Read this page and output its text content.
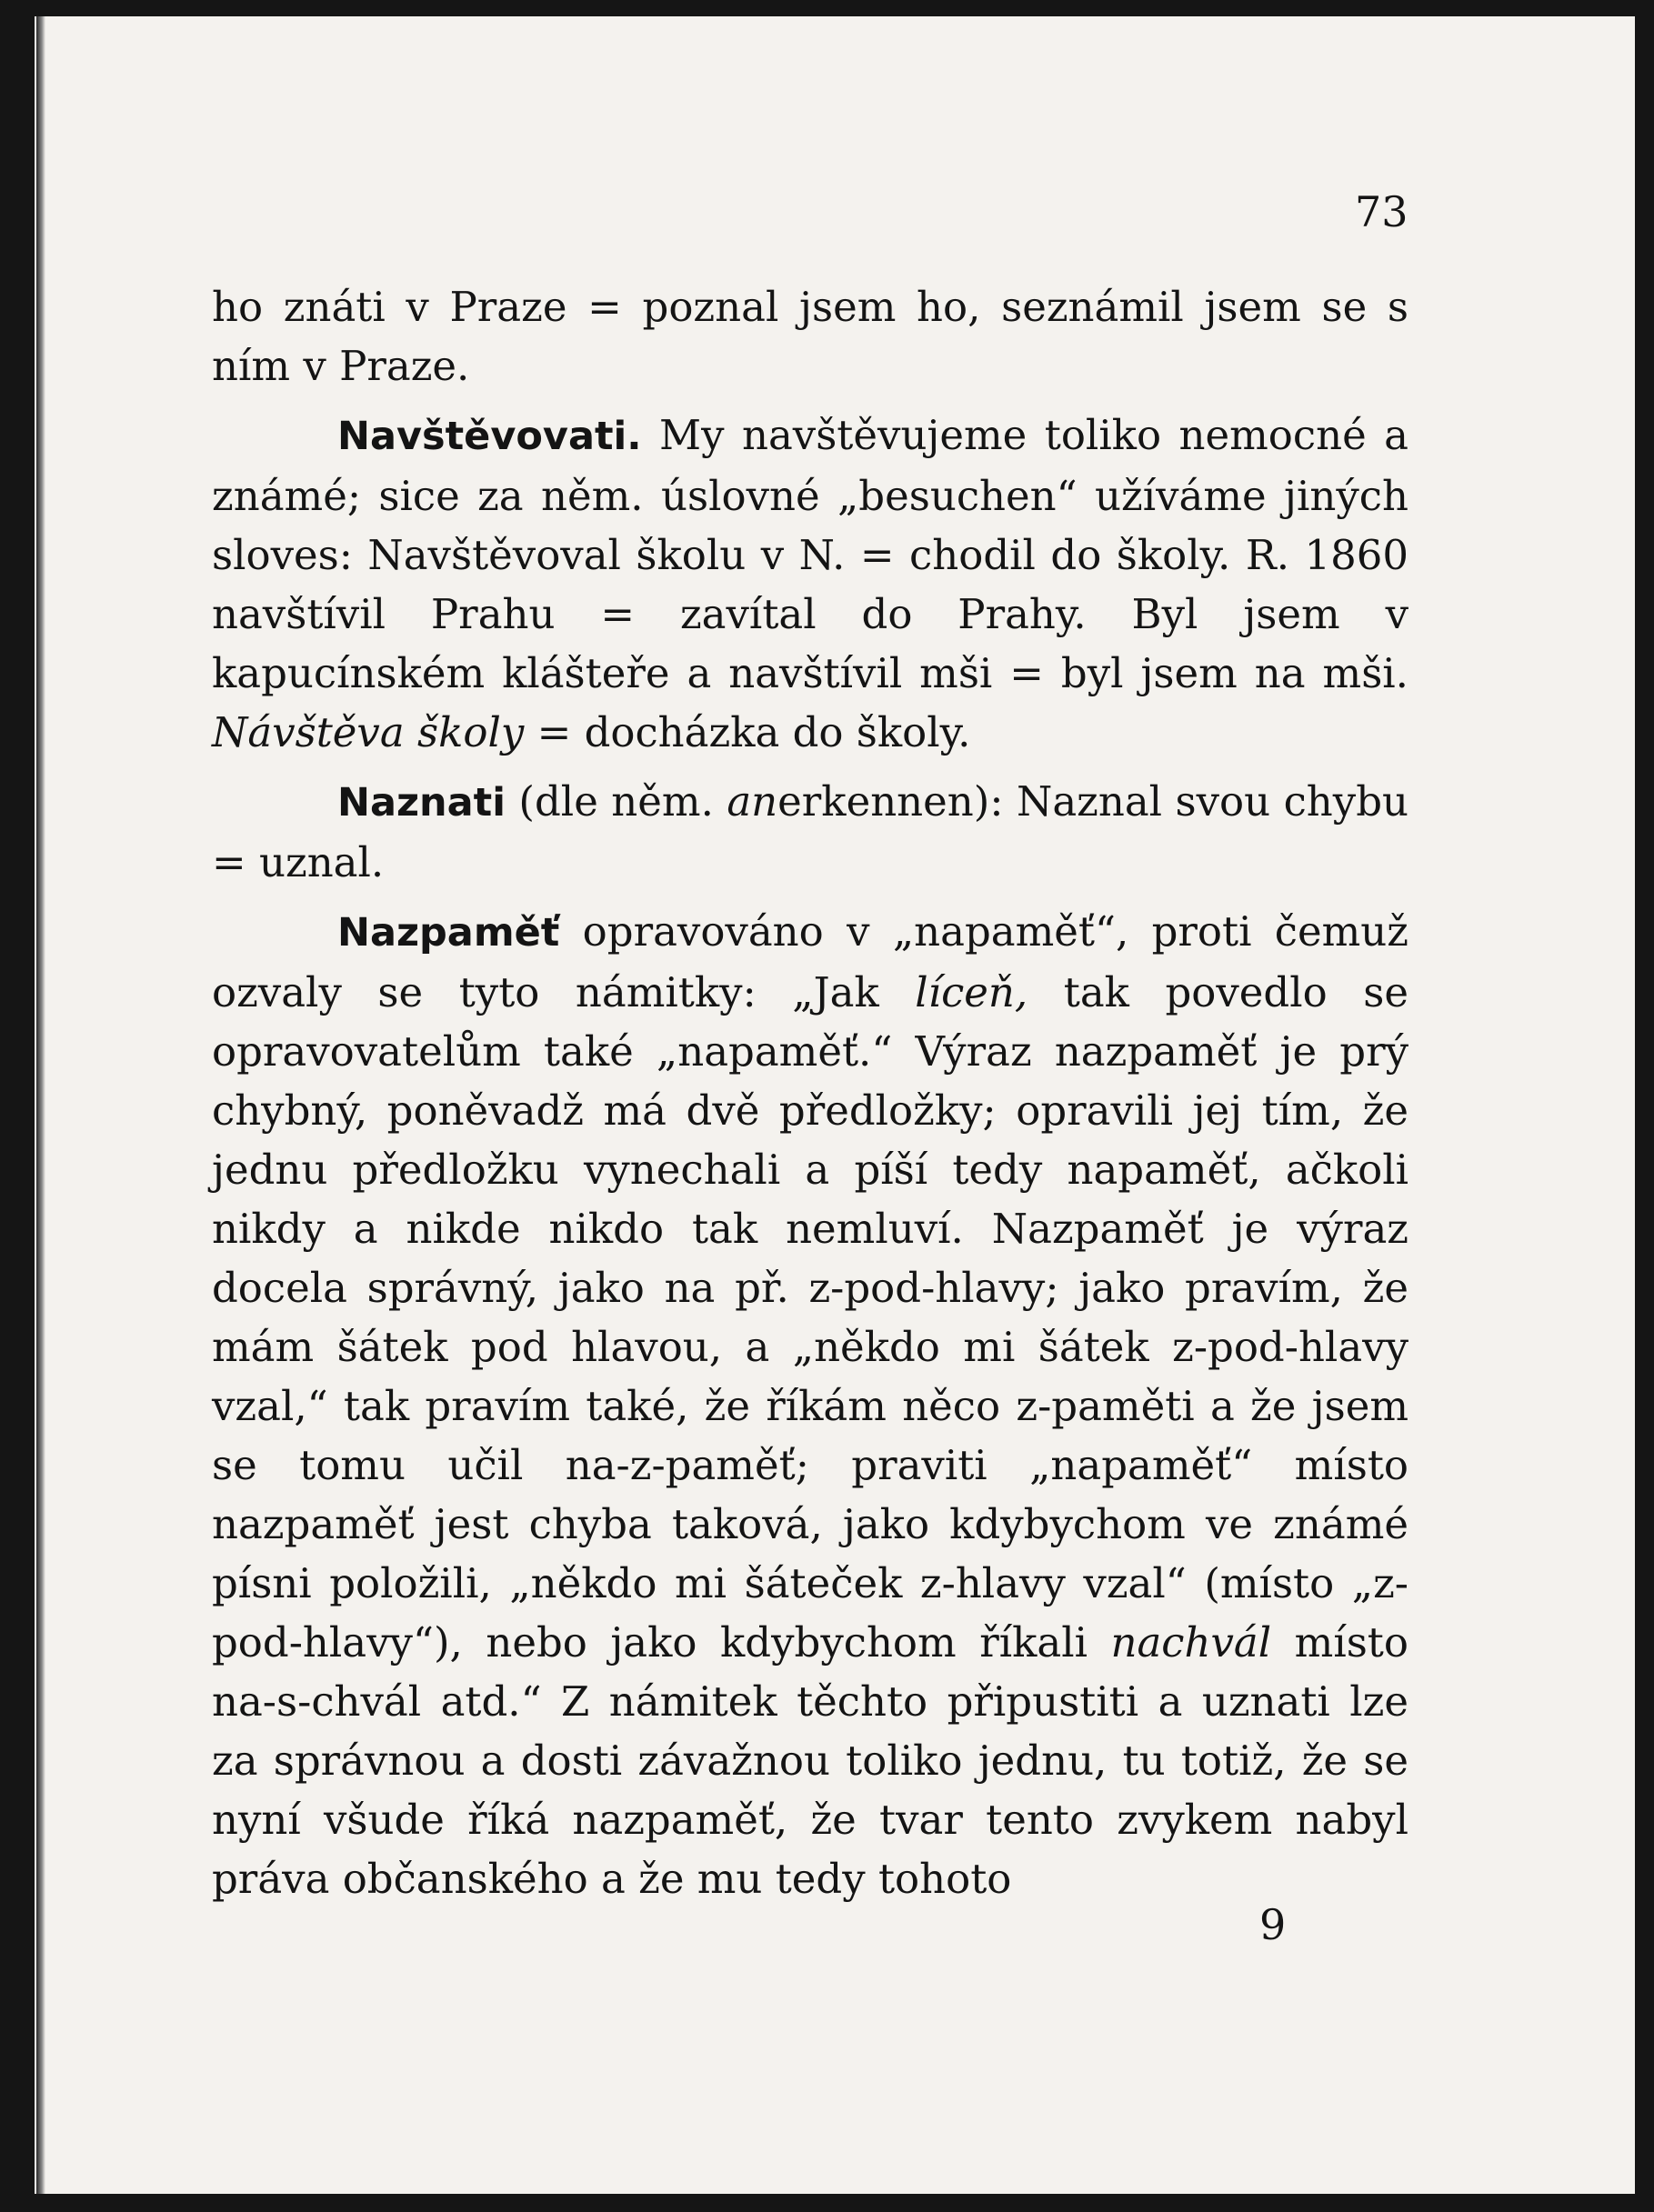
73

ho znáti v Praze = poznal jsem ho, seznámil jsem se s ním v Praze.

Navštěvovati. My navštěvujeme toliko nemocné a známé; sice za něm. úslovné „besuchen“ užíváme jiných sloves: Navštěvoval školu v N. = chodil do školy. R. 1860 navštívil Prahu = zavítal do Prahy. Byl jsem v kapucínském klášteře a navštívil mši = byl jsem na mši. Návštěva školy = docházka do školy.

Naznati (dle něm. anerkennen): Naznal svou chybu = uznal.

Nazpaměť opravováno v „napaměť“, proti čemuž ozvaly se tyto námitky: „Jak líceň, tak povedlo se opravovatelům také „napaměť.“ Výraz nazpaměť je prý chybný, poněvadž má dvě předložky; opravili jej tím, že jednu předložku vynechali a píší tedy napaměť, ačkoli nikdy a nikde nikdo tak nemluví. Nazpaměť je výraz docela správný, jako na př. z-pod-hlavy; jako pravím, že mám šátek pod hlavou, a „někdo mi šátek z-pod-hlavy vzal,“ tak pravím také, že říkám něco z-paměti a že jsem se tomu učil na-z-paměť; praviti „napaměť“ místo nazpaměť jest chyba taková, jako kdybychom ve známé písni položili, „někdo mi šáteček z-hlavy vzal“ (místo „z-pod-hlavy“), nebo jako kdybychom říkali nachvál místo na-s-chvál atd.“ Z námitek těchto připustiti a uznati lze za správnou a dosti závažnou toliko jednu, tu totiž, že se nyní všude říká nazpaměť, že tvar tento zvykem nabyl práva občanského a že mu tedy tohoto

9
